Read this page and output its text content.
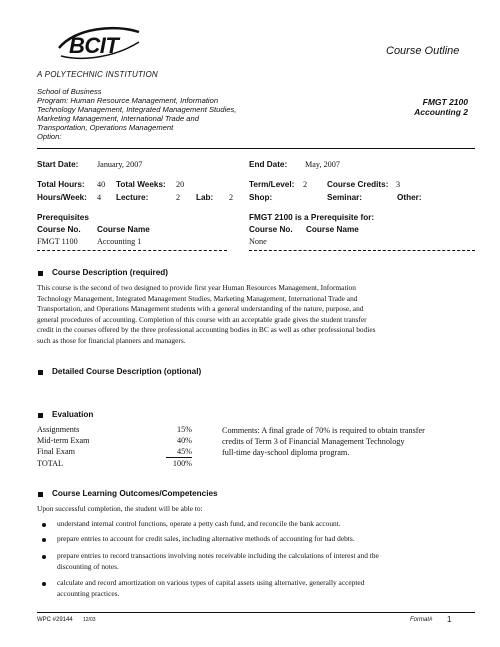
BCIT
A POLYTECHNIC INSTITUTION
Course Outline
School of Business
Program: Human Resource Management, Information
Technology Management, Integrated Management Studies,
Marketing Management, International Trade and
Transportation, Operations Management
Option:
FMGT 2100
Accounting 2
Start Date: January, 2007	End Date: May, 2007
Total Hours: 40 Total Weeks: 20	Term/Level: 2 Course Credits: 3
Hours/Week: 4 Lecture:	2 Lab: 2 Shop:	Seminar:	Other:
Prerequisites
Course No. Course Name
FMGT 1100 Accounting 1
FMGT 2100 is a Prerequisite for:
Course No. Course Name
None
Course Description (required)
This course is the second of two designed to provide first year Human Resources Management, Information
Technology Management, Integrated Management Studies, Marketing Management, International Trade and
Transportation, and Operations Management students with a general understanding of the nature, purpose, and
general procedures of accounting. Completion of this course with an acceptable grade gives the student transfer
credit in the courses offered by the three professional accounting bodies in BC as well as other professional bodies
such as those for financial planners and managers.
Detailed Course Description (optional)
Evaluation
Assignments	15%
Mid-term Exam	40%
Final Exam	45%
TOTAL	100%
Comments: A final grade of 70% is required to obtain transfer
credits of Term 3 of Financial Management Technology
full-time day-school diploma program.
Course Learning Outcomes/Competencies
Upon successful completion, the student will be able to:
understand internal control functions, operate a petty cash fund, and reconcile the bank account.
prepare entries to account for credit sales, including alternative methods of accounting for bad debts.
prepare entries to record transactions involving notes receivable including the calculations of interest and the
discounting of notes.
calculate and record amortization on various types of capital assets using alternative, generally accepted
accounting practices.
WPC #29144 12/03	Format# 1
